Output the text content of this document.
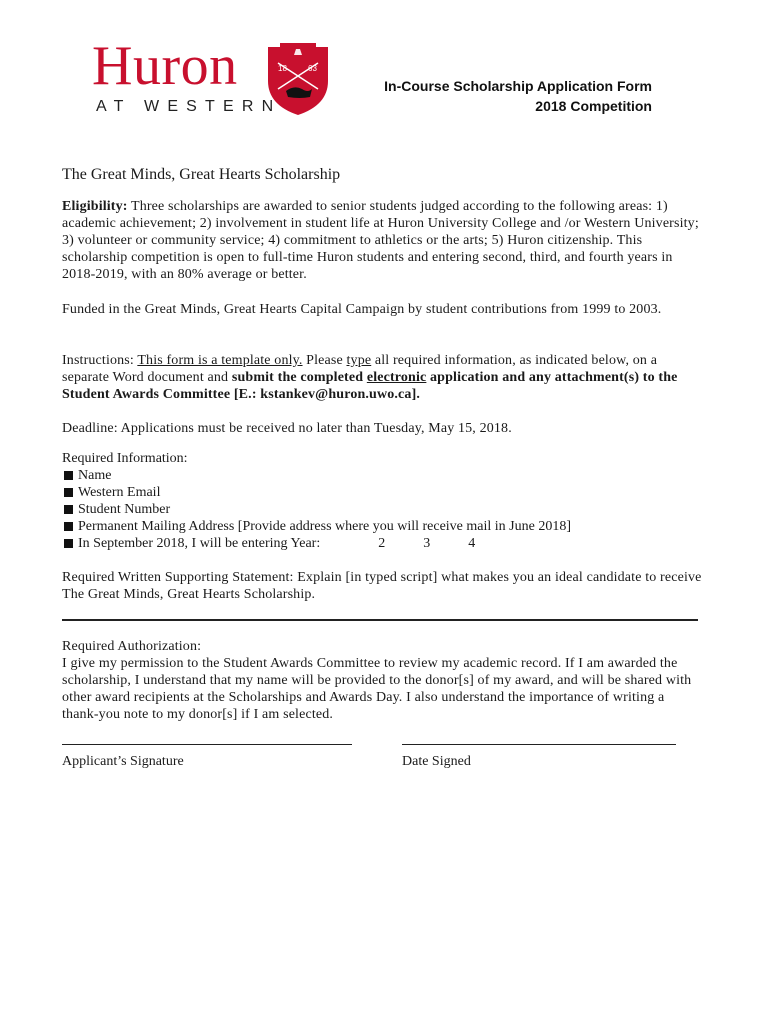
Huron
AT WESTERN
18	63
In-Course Scholarship Application Form
2018 Competition
The Great Minds, Great Hearts Scholarship
Eligibility: Three scholarships are awarded to senior students judged according to the following areas: 1) academic achievement; 2) involvement in student life at Huron University College and /or Western University; 3) volunteer or community service; 4) commitment to athletics or the arts; 5) Huron citizenship. This scholarship competition is open to full-time Huron students and entering second, third, and fourth years in 2018-2019, with an 80% average or better.
Funded in the Great Minds, Great Hearts Capital Campaign by student contributions from 1999 to 2003.
Instructions: This form is a template only. Please type all required information, as indicated below, on a separate Word document and submit the completed electronic application and any attachment(s) to the Student Awards Committee [E.: kstankev@huron.uwo.ca].
Deadline: Applications must be received no later than Tuesday, May 15, 2018.
Required Information:
Name
Western Email
Student Number
Permanent Mailing Address [Provide address where you will receive mail in June 2018]
In September 2018, I will be entering Year:	2	3	4
Required Written Supporting Statement: Explain [in typed script] what makes you an ideal candidate to receive The Great Minds, Great Hearts Scholarship.
Required Authorization:
I give my permission to the Student Awards Committee to review my academic record. If I am awarded the scholarship, I understand that my name will be provided to the donor[s] of my award, and will be shared with other award recipients at the Scholarships and Awards Day. I also understand the importance of writing a thank-you note to my donor[s] if I am selected.
Applicant’s Signature	Date Signed
